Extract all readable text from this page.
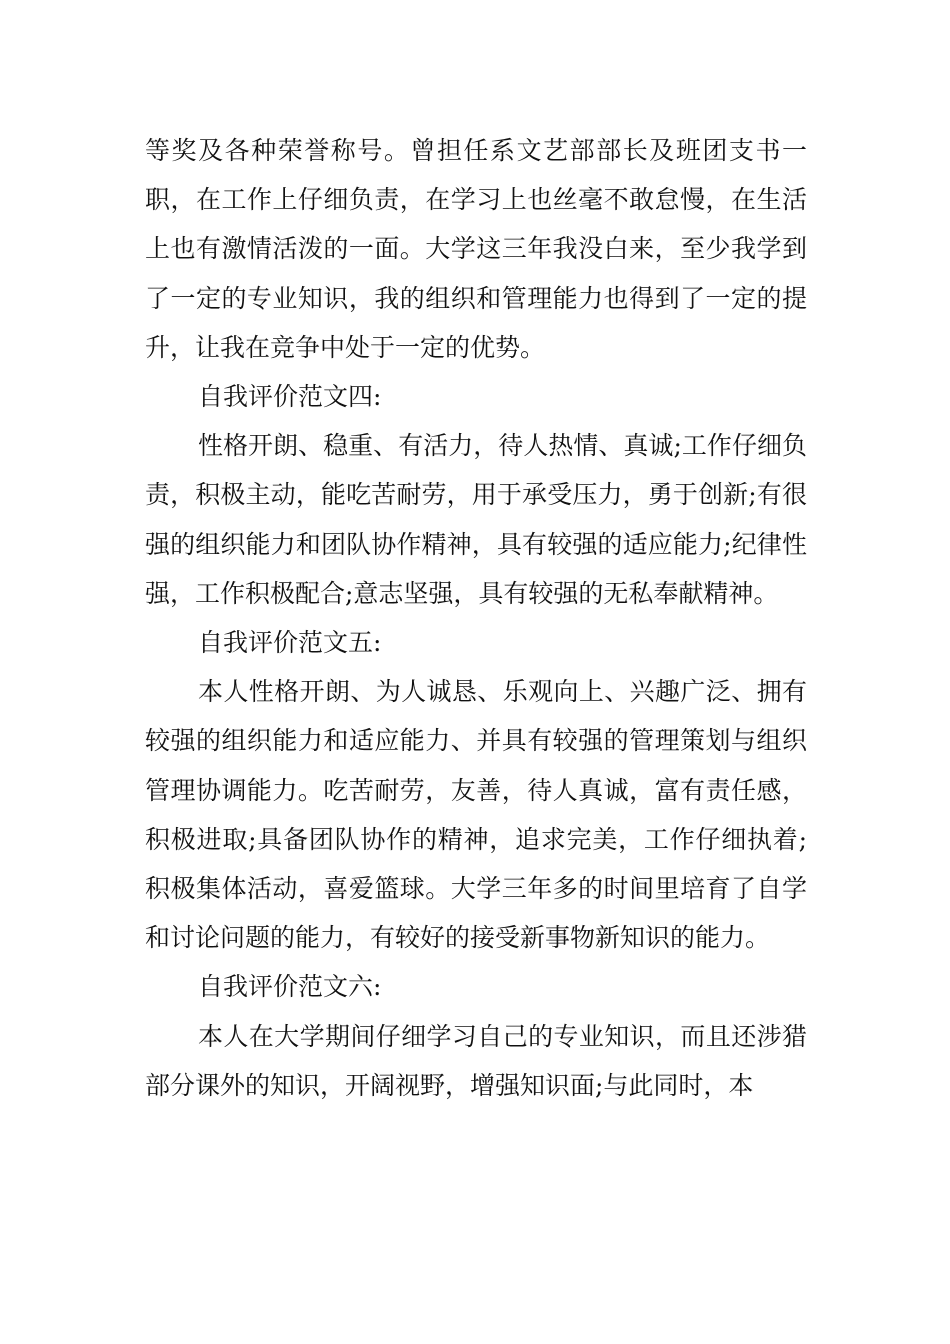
等奖及各种荣誉称号。曾担任系文艺部部长及班团支书一职，在工作上仔细负责，在学习上也丝毫不敢怠慢，在生活上也有激情活泼的一面。大学这三年我没白来，至少我学到了一定的专业知识，我的组织和管理能力也得到了一定的提升，让我在竞争中处于一定的优势。

自我评价范文四:

性格开朗、稳重、有活力，待人热情、真诚;工作仔细负责，积极主动，能吃苦耐劳，用于承受压力，勇于创新;有很强的组织能力和团队协作精神，具有较强的适应能力;纪律性强，工作积极配合;意志坚强，具有较强的无私奉献精神。

自我评价范文五:

本人性格开朗、为人诚恳、乐观向上、兴趣广泛、拥有较强的组织能力和适应能力、并具有较强的管理策划与组织管理协调能力。吃苦耐劳，友善，待人真诚，富有责任感，积极进取;具备团队协作的精神，追求完美，工作仔细执着;积极集体活动，喜爱篮球。大学三年多的时间里培育了自学和讨论问题的能力，有较好的接受新事物新知识的能力。

自我评价范文六:

本人在大学期间仔细学习自己的专业知识，而且还涉猎部分课外的知识，开阔视野，增强知识面;与此同时，本
